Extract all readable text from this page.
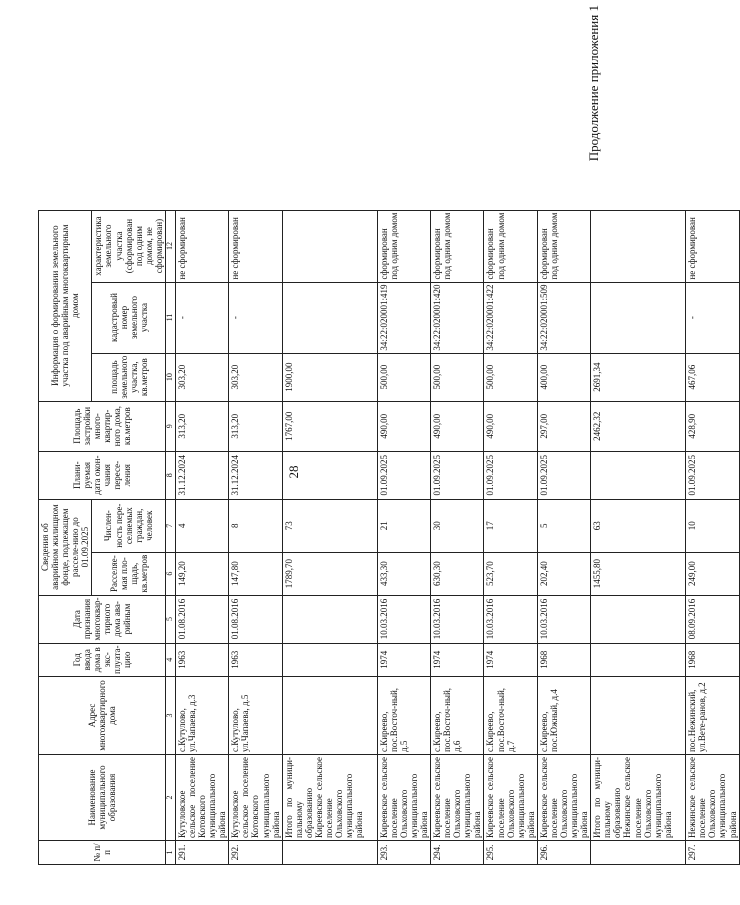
28
Продолжение приложения 1
№ п/п	Наименование муниципального образования	Адрес многоквартирного дома	Год ввода дома в экс-плуата-цию	Дата признания многоквар-тирного дома ава-рийным	Сведения об аварийном жилищном фонде, подлежащем расселе-нию до 01.09.2025		Плани-руемая дата окон-чания пересе-ления	Площадь застройки много-квартир-ного дома, кв.метров	Информация о формировании земельного участка под аварийным многоквартирным домом		
					Расселяе-мая пло-щадь, кв.метров	Числен-ность пере-селяемых граждан, человек			площадь земельного участка, кв.метров	кадастровый номер земельного участка	характеристика земельного участка (сформирован под одним домом, не сформирован)
1	2	3	4	5	6	7	8	9	10	11	12
291.	Кутуловское сельское поселение Котовского муниципального района	с.Кутулово, ул.Чапаева, д.3	1963	01.08.2016	149,20	4	31.12.2024	313,20	303,20	-	не сформирован
292.	Кутуловское сельское поселение Котовского муниципального района	с.Кутулово, ул.Чапаева, д.5	1963	01.08.2016	147,80	8	31.12.2024	313,20	303,20	-	не сформирован
	Итого по муници-пальному образованию Киреевское сельское поселение Ольховского муниципального района				1789,70	73		1767,00	1900,00		
293.	Киреевское сельское поселение Ольховского муниципального района	с.Киреево, пос.Восточ-ный, д.5	1974	10.03.2016	433,30	21	01.09.2025	490,00	500,00	34:22:020001:419	сформирован под одним домом
294.	Киреевское сельское поселение Ольховского муниципального района	с.Киреево, пос.Восточ-ный, д.6	1974	10.03.2016	630,30	30	01.09.2025	490,00	500,00	34:22:020001:420	сформирован под одним домом
295.	Киреевское сельское поселение Ольховского муниципального района	с.Киреево, пос.Восточ-ный, д.7	1974	10.03.2016	523,70	17	01.09.2025	490,00	500,00	34:22:020001:422	сформирован под одним домом
296.	Киреевское сельское поселение Ольховского муниципального района	с.Киреево, пос.Южный, д.4	1968	10.03.2016	202,40	5	01.09.2025	297,00	400,00	34:22:020001:509	сформирован под одним домом
	Итого по муници-пальному образованию Нежинское сельское поселение Ольховского муниципального района				1455,80	63		2462,32	2691,34		
297.	Нежинское сельское поселение Ольховского муниципального района	пос.Нежинский, ул.Вете-ранов, д.2	1968	08.09.2016	249,00	10	01.09.2025	428,90	467,06	-	не сформирован
